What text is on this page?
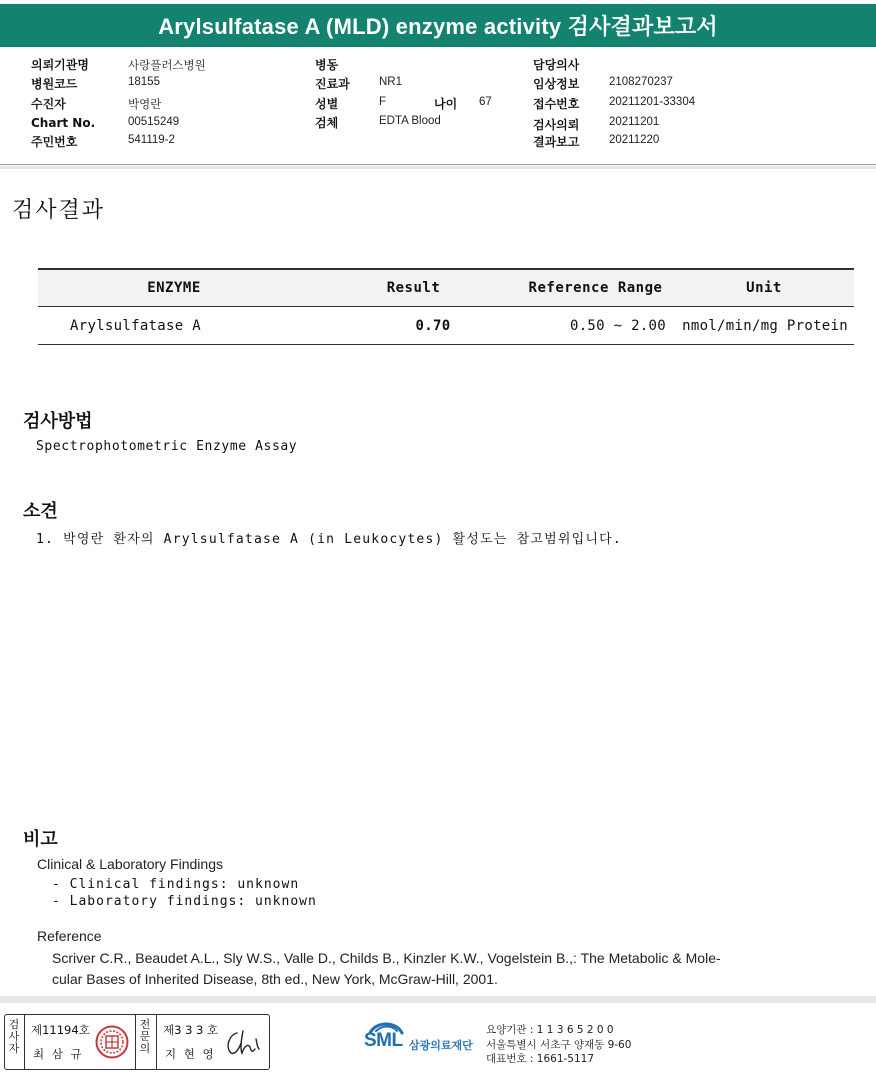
Arylsulfatase A (MLD) enzyme activity 검사결과보고서
의뢰기관명	사랑플러스병원
병원코드	18155
수진자	박영란
Chart No.	00515249
주민번호	541119-2
병동
진료과	NR1
성별	F	나이 67
검체	EDTA Blood
담당의사
임상정보	2108270237
접수번호	20211201-33304
검사의뢰	20211201
결과보고	20211220
검사결과
ENZYME	Result	Reference Range	Unit
Arylsulfatase A	0.70	0.50 ~ 2.00	nmol/min/mg Protein
검사방법
Spectrophotometric Enzyme Assay
소견
1. 박영란 환자의 Arylsulfatase A (in Leukocytes) 활성도는 참고범위입니다.
비고
Clinical & Laboratory Findings
- Clinical findings: unknown
- Laboratory findings: unknown
Reference
Scriver C.R., Beaudet A.L., Sly W.S., Valle D., Childs B., Kinzler K.W., Vogelstein B.,: The Metabolic & Mole-
cular Bases of Inherited Disease, 8th ed., New York, McGraw-Hill, 2001.
검사자
제11194호
최 삼 규
전문의
제3 3 3 호
지 현 영
SML 삼광의료재단
요양기관 : 1 1 3 6 5 2 0 0
서울특별시 서초구 양재동 9-60
대표번호 : 1661-5117
